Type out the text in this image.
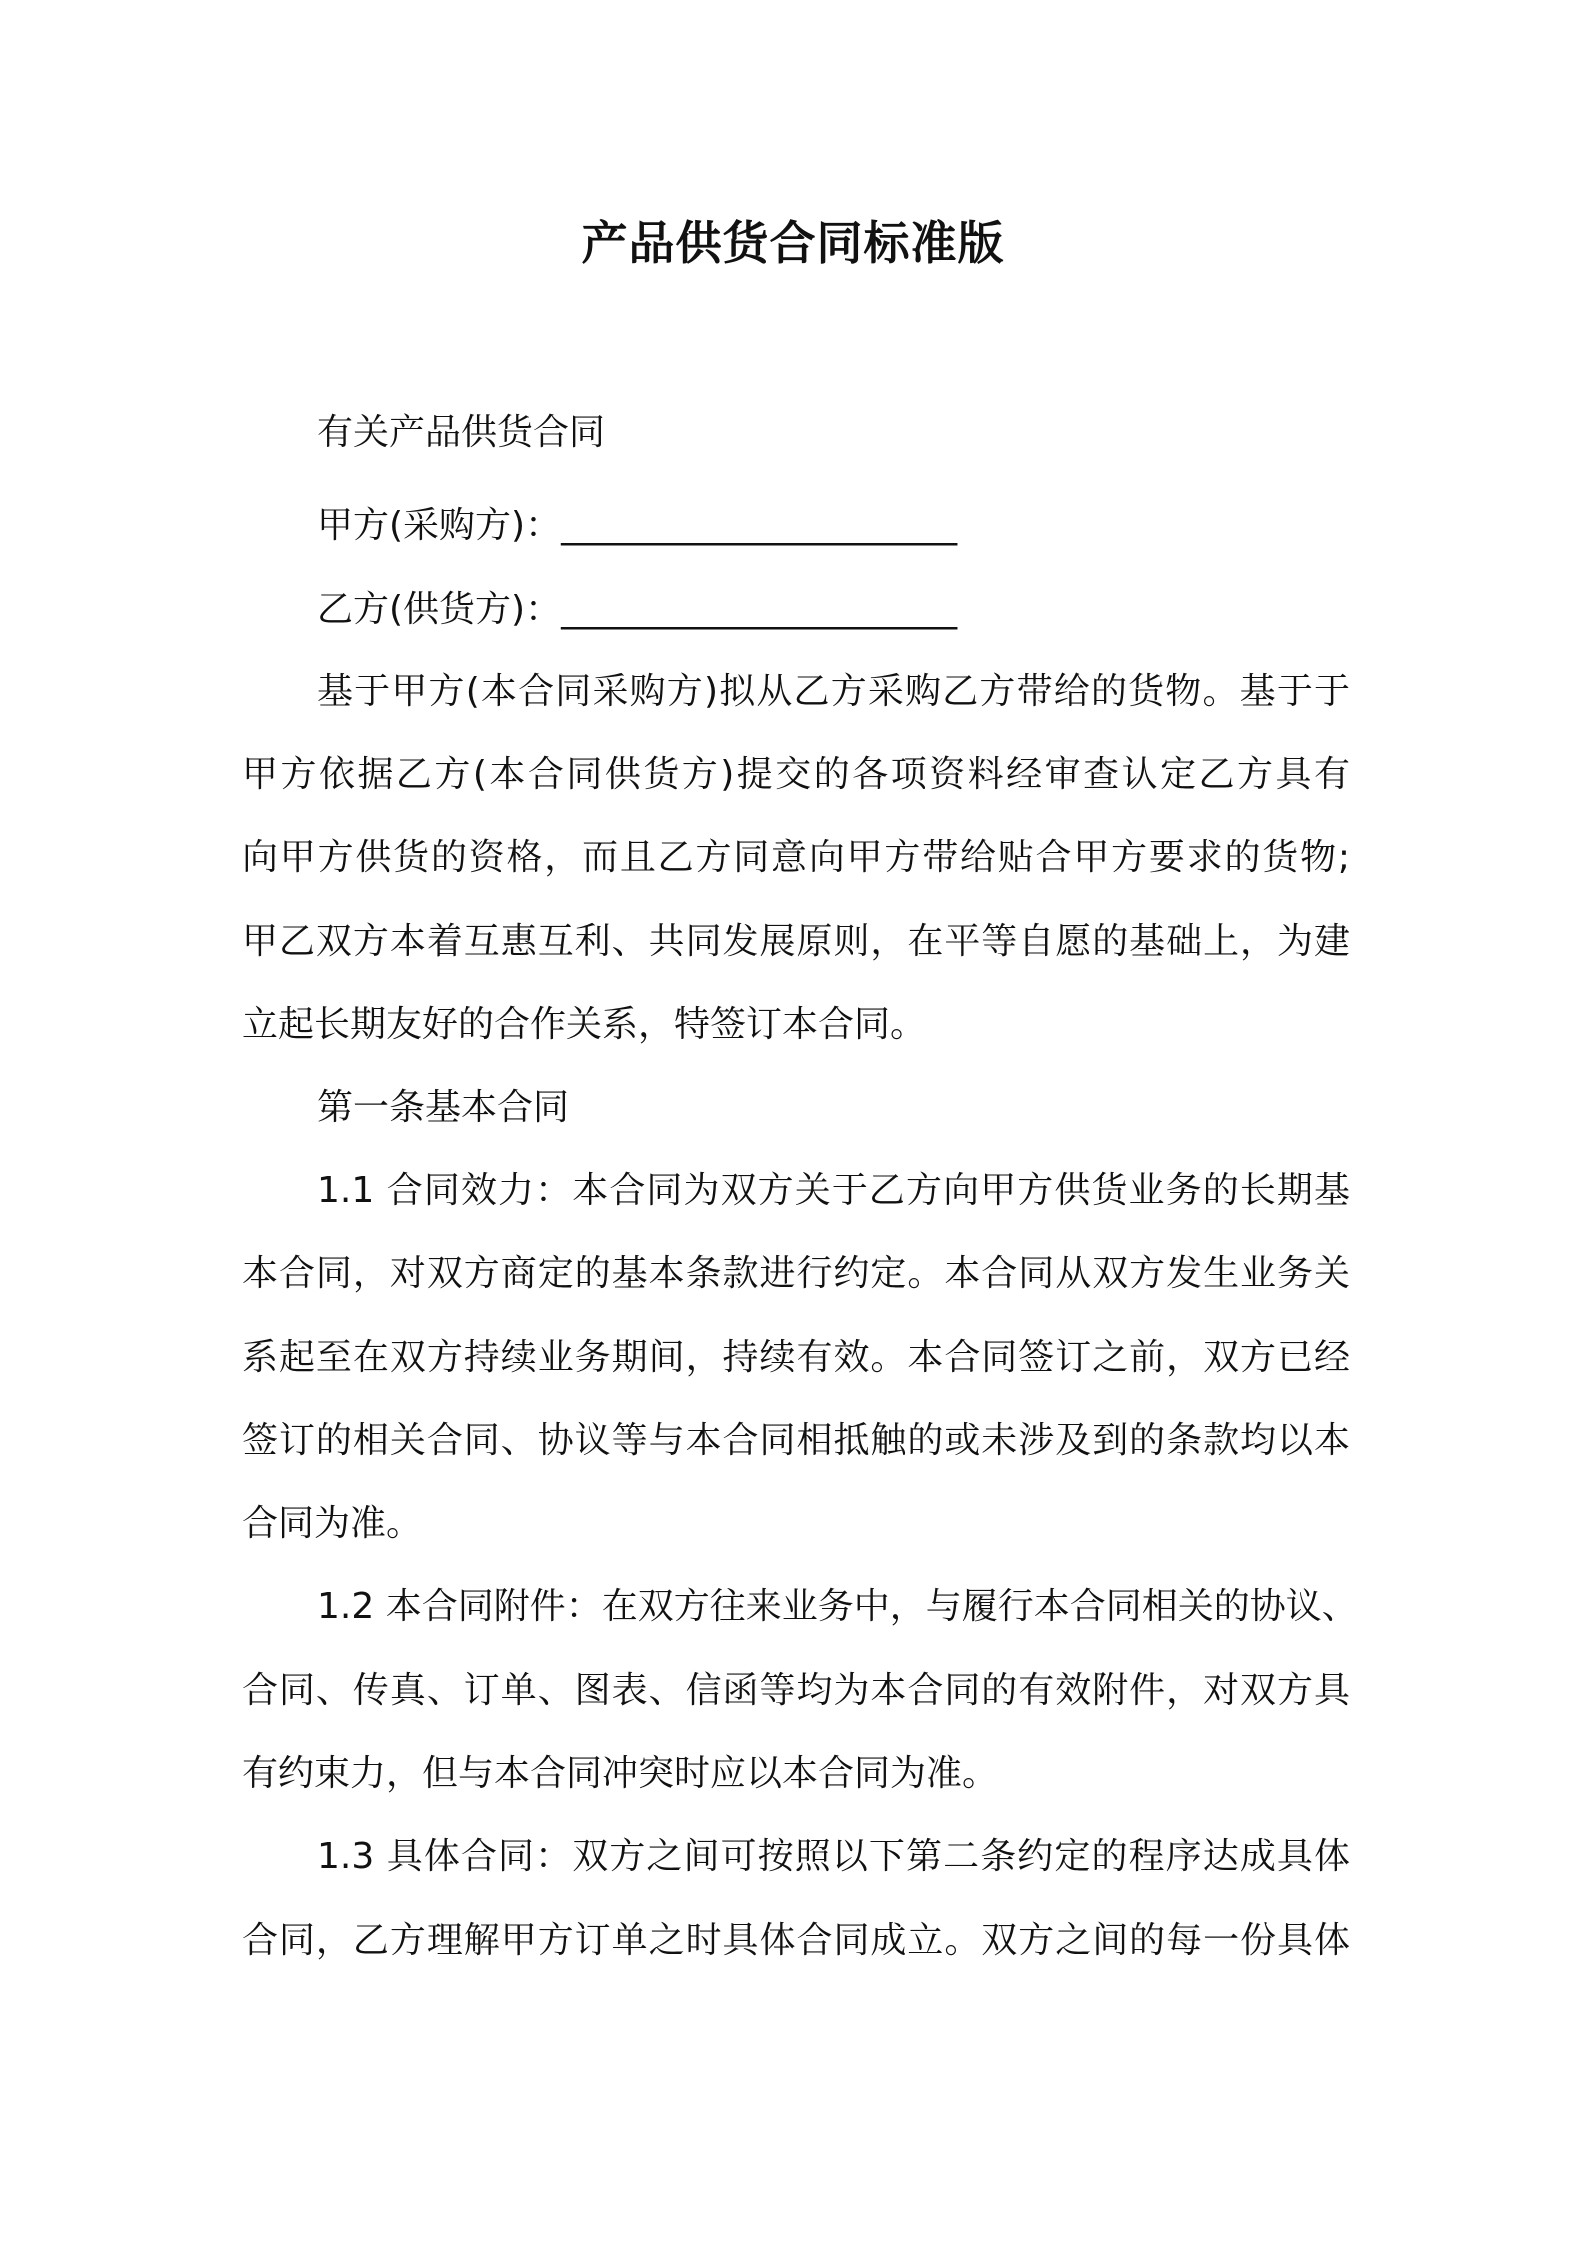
产品供货合同标准版
有关产品供货合同
甲方(采购方)：______________________
乙方(供货方)：______________________
基于甲方(本合同采购方)拟从乙方采购乙方带给的货物。基于于
甲方依据乙方(本合同供货方)提交的各项资料经审查认定乙方具有
向甲方供货的资格，而且乙方同意向甲方带给贴合甲方要求的货物;
甲乙双方本着互惠互利、共同发展原则，在平等自愿的基础上，为建
立起长期友好的合作关系，特签订本合同。
第一条基本合同
1.1 合同效力：本合同为双方关于乙方向甲方供货业务的长期基
本合同，对双方商定的基本条款进行约定。本合同从双方发生业务关
系起至在双方持续业务期间，持续有效。本合同签订之前，双方已经
签订的相关合同、协议等与本合同相抵触的或未涉及到的条款均以本
合同为准。
1.2 本合同附件：在双方往来业务中，与履行本合同相关的协议、
合同、传真、订单、图表、信函等均为本合同的有效附件，对双方具
有约束力，但与本合同冲突时应以本合同为准。
1.3 具体合同：双方之间可按照以下第二条约定的程序达成具体
合同，乙方理解甲方订单之时具体合同成立。双方之间的每一份具体
